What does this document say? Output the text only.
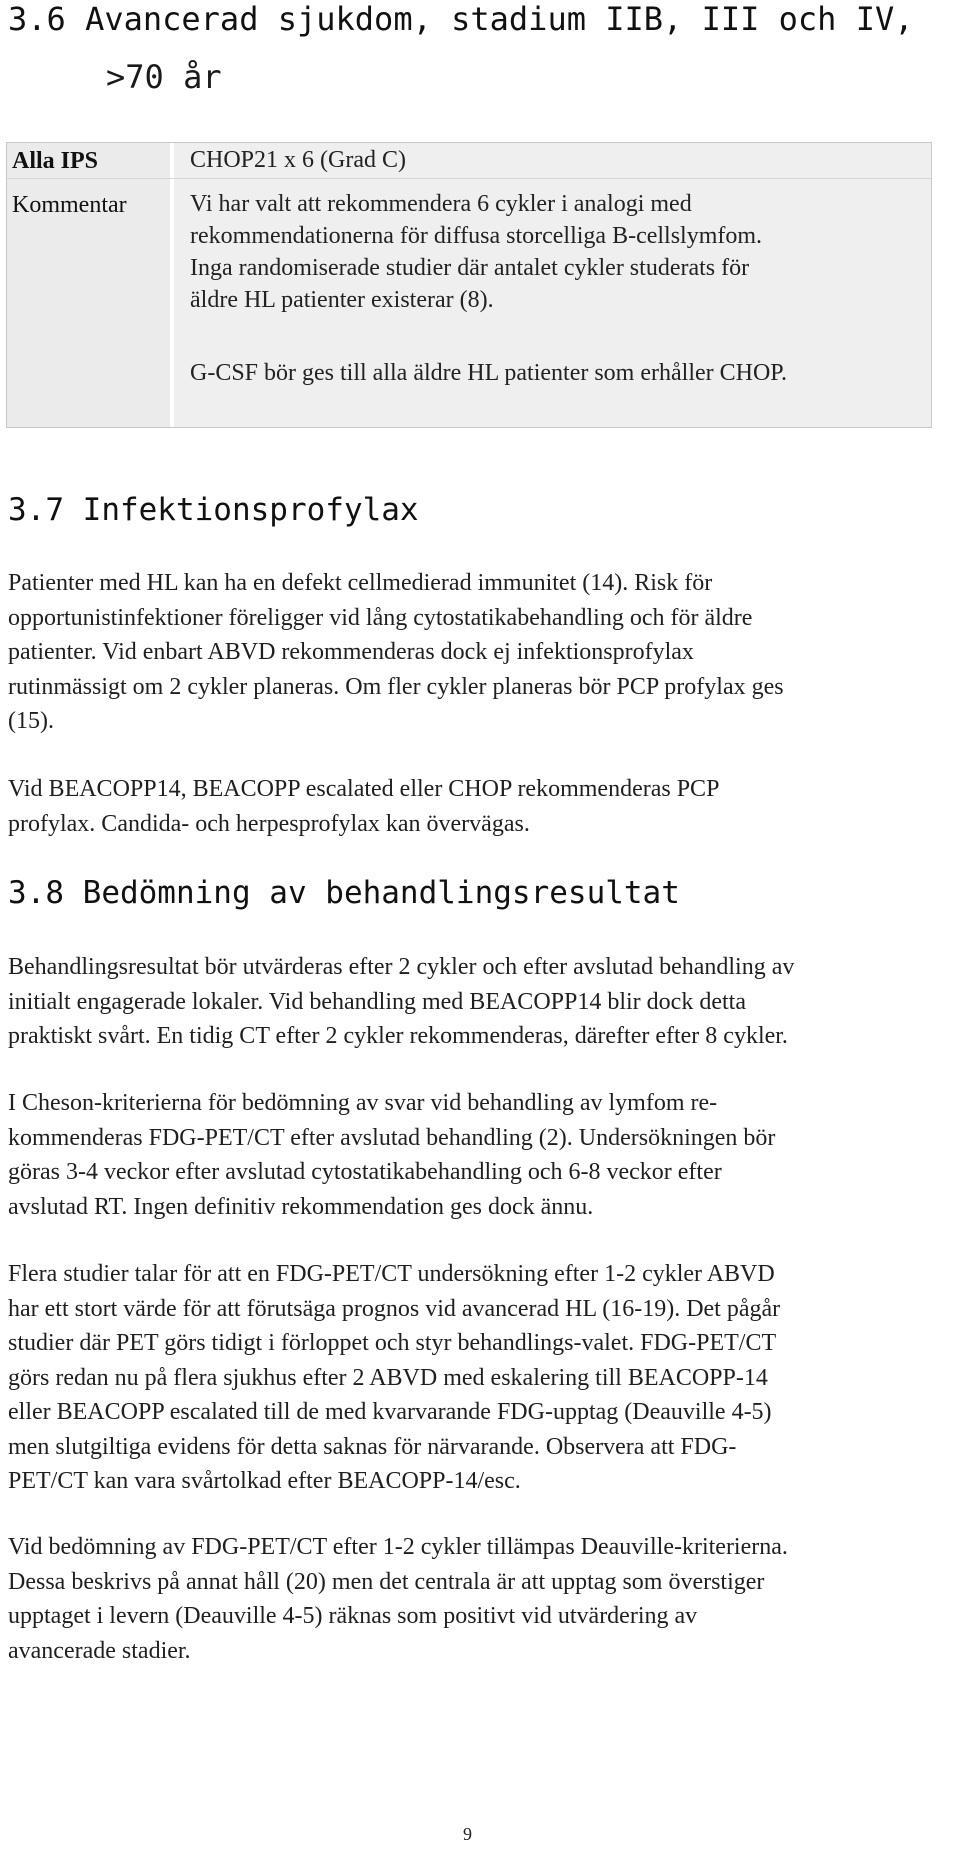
3.6 Avancerad sjukdom, stadium IIB, III och IV,
>70 år
Alla IPS	CHOP21 x 6 (Grad C)
Kommentar	Vi har valt att rekommendera 6 cykler i analogi med
rekommendationerna för diffusa storcelliga B-cellslymfom.
Inga randomiserade studier där antalet cykler studerats för
äldre HL patienter existerar (8).
G-CSF bör ges till alla äldre HL patienter som erhåller CHOP.
3.7 Infektionsprofylax
Patienter med HL kan ha en defekt cellmedierad immunitet (14). Risk för
opportunistinfektioner föreligger vid lång cytostatikabehandling och för äldre
patienter. Vid enbart ABVD rekommenderas dock ej infektionsprofylax
rutinmässigt om 2 cykler planeras. Om fler cykler planeras bör PCP profylax ges
(15).
Vid BEACOPP14, BEACOPP escalated eller CHOP rekommenderas PCP
profylax. Candida- och herpesprofylax kan övervägas.
3.8 Bedömning av behandlingsresultat
Behandlingsresultat bör utvärderas efter 2 cykler och efter avslutad behandling av
initialt engagerade lokaler. Vid behandling med BEACOPP14 blir dock detta
praktiskt svårt. En tidig CT efter 2 cykler rekommenderas, därefter efter 8 cykler.
I Cheson-kriterierna för bedömning av svar vid behandling av lymfom re-
kommenderas FDG-PET/CT efter avslutad behandling (2). Undersökningen bör
göras 3-4 veckor efter avslutad cytostatikabehandling och 6-8 veckor efter
avslutad RT. Ingen definitiv rekommendation ges dock ännu.
Flera studier talar för att en FDG-PET/CT undersökning efter 1-2 cykler ABVD
har ett stort värde för att förutsäga prognos vid avancerad HL (16-19). Det pågår
studier där PET görs tidigt i förloppet och styr behandlings-valet. FDG-PET/CT
görs redan nu på flera sjukhus efter 2 ABVD med eskalering till BEACOPP-14
eller BEACOPP escalated till de med kvarvarande FDG-upptag (Deauville 4-5)
men slutgiltiga evidens för detta saknas för närvarande. Observera att FDG-
PET/CT kan vara svårtolkad efter BEACOPP-14/esc.
Vid bedömning av FDG-PET/CT efter 1-2 cykler tillämpas Deauville-kriterierna.
Dessa beskrivs på annat håll (20) men det centrala är att upptag som överstiger
upptaget i levern (Deauville 4-5) räknas som positivt vid utvärdering av
avancerade stadier.

9
